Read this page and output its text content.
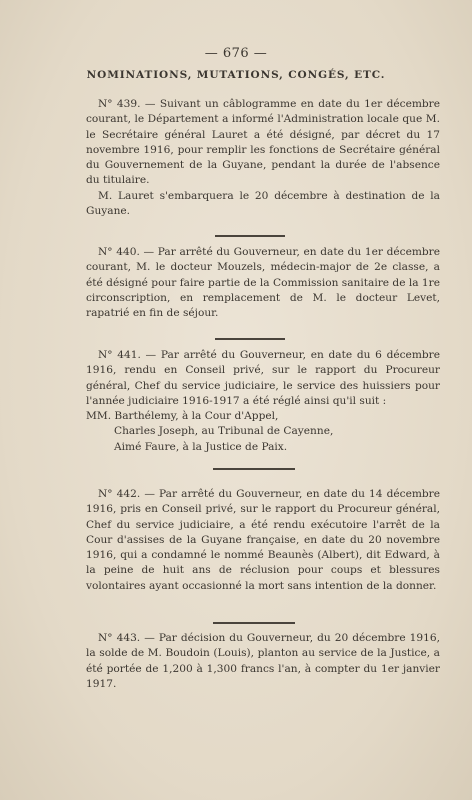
— 676 —
NOMINATIONS, MUTATIONS, CONGÉS, ETC.

N° 439. — Suivant un câblogramme en date du 1er décembre courant, le Département a informé l'Administration locale que M. le Secrétaire général Lauret a été désigné, par décret du 17 novembre 1916, pour remplir les fonctions de Secrétaire général du Gouvernement de la Guyane, pendant la durée de l'absence du titulaire.

M. Lauret s'embarquera le 20 décembre à destination de la Guyane.

N° 440. — Par arrêté du Gouverneur, en date du 1er décembre courant, M. le docteur Mouzels, médecin-major de 2e classe, a été désigné pour faire partie de la Commission sanitaire de la 1re circonscription, en remplacement de M. le docteur Levet, rapatrié en fin de séjour.

N° 441. — Par arrêté du Gouverneur, en date du 6 décembre 1916, rendu en Conseil privé, sur le rapport du Procureur général, Chef du service judiciaire, le service des huissiers pour l'année judiciaire 1916-1917 a été réglé ainsi qu'il suit :

MM. Barthélemy, à la Cour d'Appel,
Charles Joseph, au Tribunal de Cayenne,
Aimé Faure, à la Justice de Paix.

N° 442. — Par arrêté du Gouverneur, en date du 14 décembre 1916, pris en Conseil privé, sur le rapport du Procureur général, Chef du service judiciaire, a été rendu exécutoire l'arrêt de la Cour d'assises de la Guyane française, en date du 20 novembre 1916, qui a condamné le nommé Beaunès (Albert), dit Edward, à la peine de huit ans de réclusion pour coups et blessures volontaires ayant occasionné la mort sans intention de la donner.

N° 443. — Par décision du Gouverneur, du 20 décembre 1916, la solde de M. Boudoin (Louis), planton au service de la Justice, a été portée de 1,200 à 1,300 francs l'an, à compter du 1er janvier 1917.
